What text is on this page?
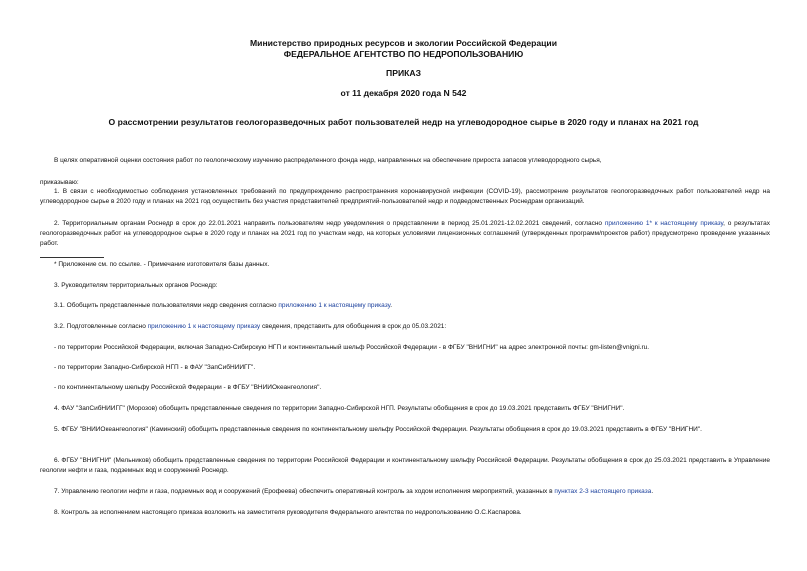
Министерство природных ресурсов и экологии Российской Федерации
ФЕДЕРАЛЬНОЕ АГЕНТСТВО ПО НЕДРОПОЛЬЗОВАНИЮ
ПРИКАЗ
от 11 декабря 2020 года N 542
О рассмотрении результатов геологоразведочных работ пользователей недр на углеводородное сырье в 2020 году и планах на 2021 год
В целях оперативной оценки состояния работ по геологическому изучению распределенного фонда недр, направленных на обеспечение прироста запасов углеводородного сырья,
приказываю:
1. В связи с необходимостью соблюдения установленных требований по предупреждению распространения коронавирусной инфекции (COVID-19), рассмотрение результатов геологоразведочных работ пользователей недр на углеводородное сырье в 2020 году и планах на 2021 год осуществить без участия представителей предприятий-пользователей недр и подведомственных Роснедрам организаций.
2. Территориальным органам Роснедр в срок до 22.01.2021 направить пользователям недр уведомления о представлении в период 25.01.2021-12.02.2021 сведений, согласно приложению 1* к настоящему приказу, о результатах геологоразведочных работ на углеводородное сырье в 2020 году и планах на 2021 год по участкам недр, на которых условиями лицензионных соглашений (утвержденных программ/проектов работ) предусмотрено проведение указанных работ.
* Приложение см. по ссылке. - Примечание изготовителя базы данных.
3. Руководителям территориальных органов Роснедр:
3.1. Обобщить представленные пользователями недр сведения согласно приложению 1 к настоящему приказу.
3.2. Подготовленные согласно приложению 1 к настоящему приказу сведения, представить для обобщения в срок до 05.03.2021:
- по территории Российской Федерации, включая Западно-Сибирскую НГП и континентальный шельф Российской Федерации - в ФГБУ "ВНИГНИ" на адрес электронной почты: gm-listen@vnigni.ru.
- по территории Западно-Сибирской НГП - в ФАУ "ЗапСибНИИГГ".
- по континентальному шельфу Российской Федерации - в ФГБУ "ВНИИОкеангеология".
4. ФАУ "ЗапСибНИИГГ" (Морозов) обобщить представленные сведения по территории Западно-Сибирской НГП. Результаты обобщения в срок до 19.03.2021 представить ФГБУ "ВНИГНИ".
5. ФГБУ "ВНИИОкеангеология" (Каминский) обобщить представленные сведения по континентальному шельфу Российской Федерации. Результаты обобщения в срок до 19.03.2021 представить в ФГБУ "ВНИГНИ".
6. ФГБУ "ВНИГНИ" (Мельников) обобщить представленные сведения по территории Российской Федерации и континентальному шельфу Российской Федерации. Результаты обобщения в срок до 25.03.2021 представить в Управление геологии нефти и газа, подземных вод и сооружений Роснедр.
7. Управлению геологии нефти и газа, подземных вод и сооружений (Ерофеева) обеспечить оперативный контроль за ходом исполнения мероприятий, указанных в пунктах 2-3 настоящего приказа.
8. Контроль за исполнением настоящего приказа возложить на заместителя руководителя Федерального агентства по недропользованию О.С.Каспарова.
